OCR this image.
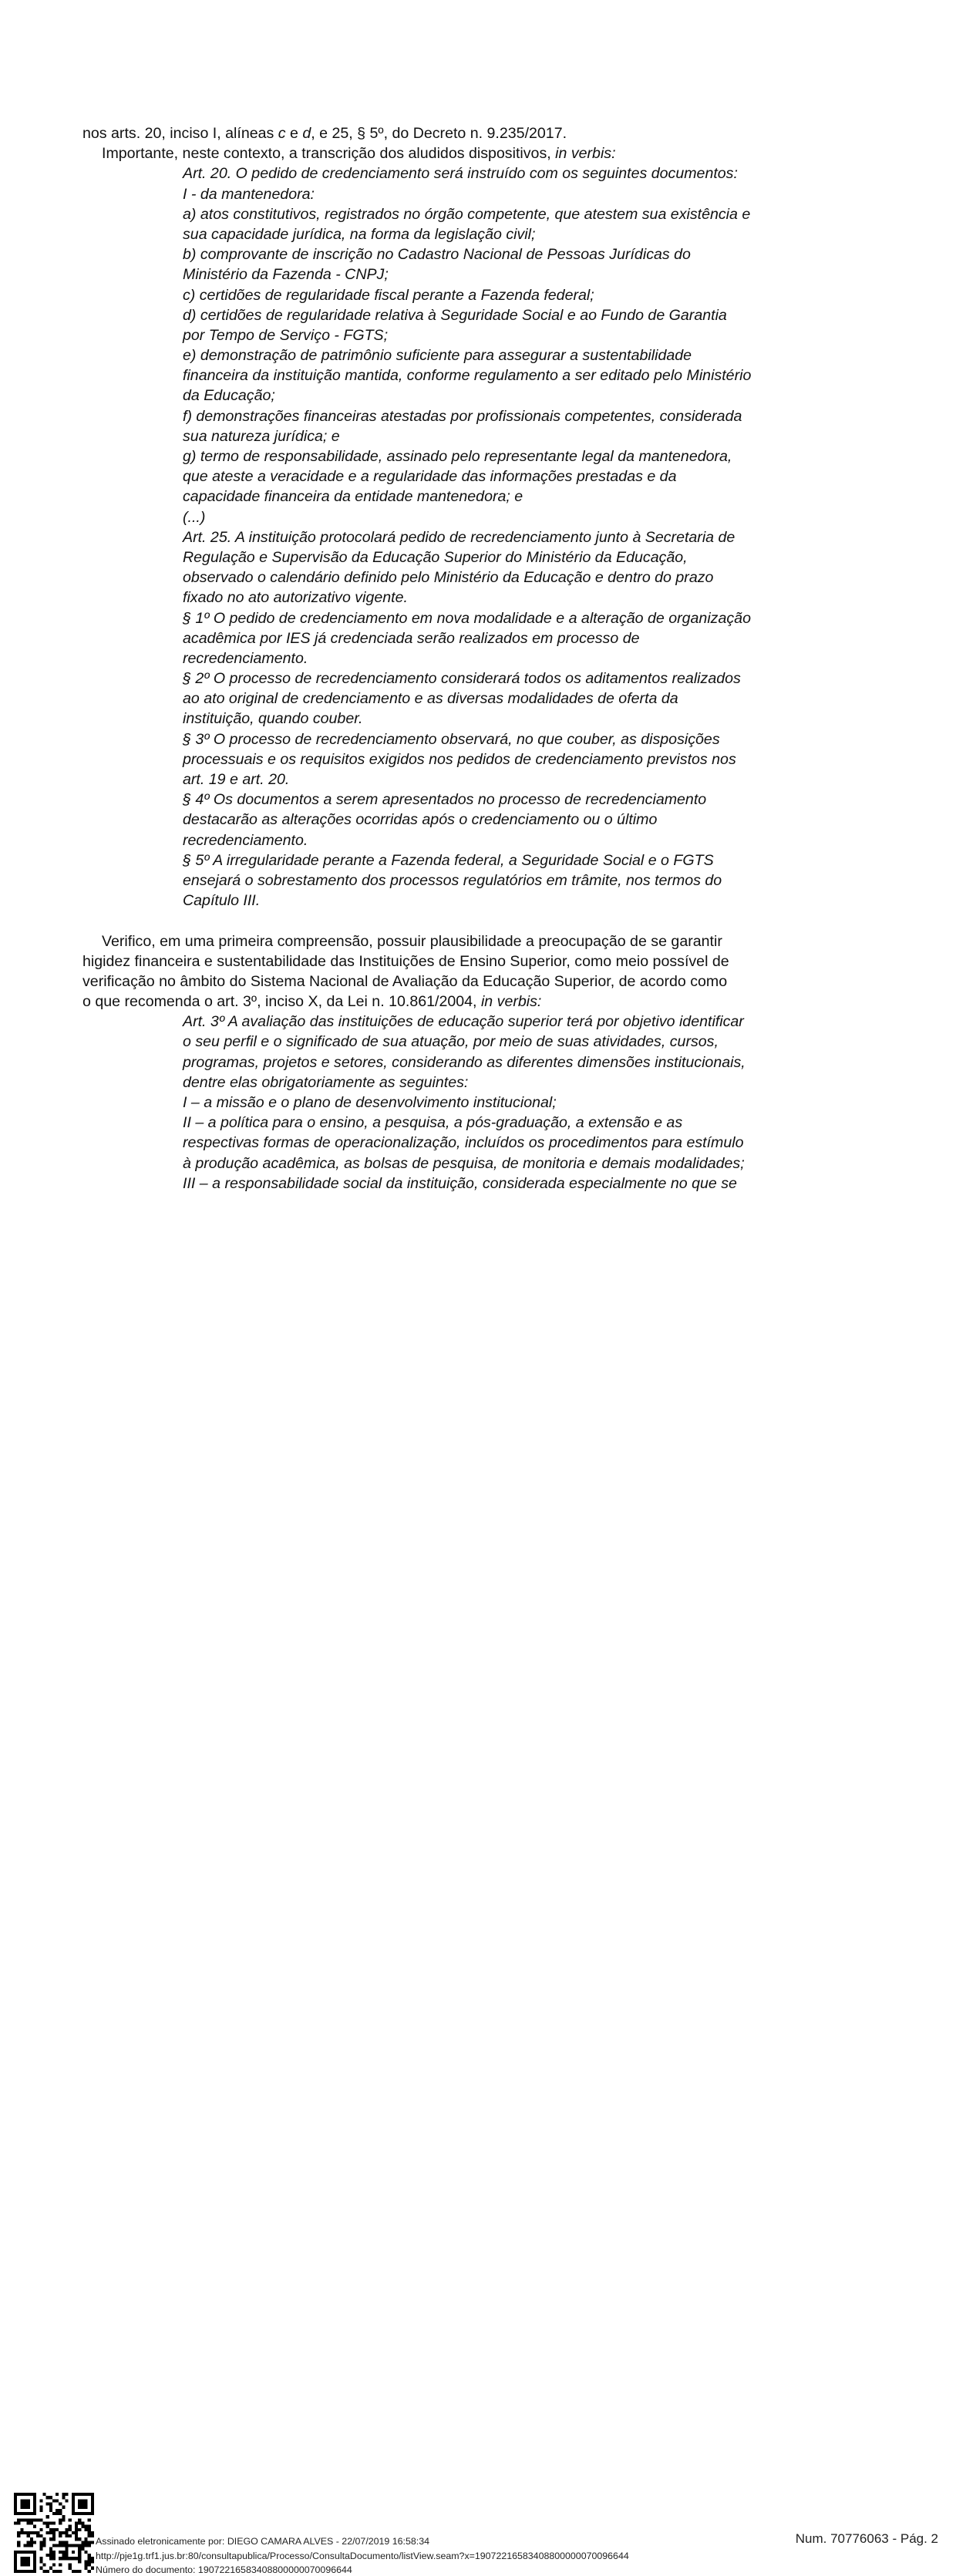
nos arts. 20, inciso I, alíneas c e d, e 25, § 5º, do Decreto n. 9.235/2017.
Importante, neste contexto, a transcrição dos aludidos dispositivos, in verbis:
Art. 20. O pedido de credenciamento será instruído com os seguintes documentos:
I - da mantenedora:
a) atos constitutivos, registrados no órgão competente, que atestem sua existência e
sua capacidade jurídica, na forma da legislação civil;
b) comprovante de inscrição no Cadastro Nacional de Pessoas Jurídicas do
Ministério da Fazenda - CNPJ;
c) certidões de regularidade fiscal perante a Fazenda federal;
d) certidões de regularidade relativa à Seguridade Social e ao Fundo de Garantia
por Tempo de Serviço - FGTS;
e) demonstração de patrimônio suficiente para assegurar a sustentabilidade
financeira da instituição mantida, conforme regulamento a ser editado pelo Ministério
da Educação;
f) demonstrações financeiras atestadas por profissionais competentes, considerada
sua natureza jurídica; e
g) termo de responsabilidade, assinado pelo representante legal da mantenedora,
que ateste a veracidade e a regularidade das informações prestadas e da
capacidade financeira da entidade mantenedora; e
(...)
Art. 25. A instituição protocolará pedido de recredenciamento junto à Secretaria de
Regulação e Supervisão da Educação Superior do Ministério da Educação,
observado o calendário definido pelo Ministério da Educação e dentro do prazo
fixado no ato autorizativo vigente.
§ 1º O pedido de credenciamento em nova modalidade e a alteração de organização
acadêmica por IES já credenciada serão realizados em processo de
recredenciamento.
§ 2º O processo de recredenciamento considerará todos os aditamentos realizados
ao ato original de credenciamento e as diversas modalidades de oferta da
instituição, quando couber.
§ 3º O processo de recredenciamento observará, no que couber, as disposições
processuais e os requisitos exigidos nos pedidos de credenciamento previstos nos
art. 19 e art. 20.
§ 4º Os documentos a serem apresentados no processo de recredenciamento
destacarão as alterações ocorridas após o credenciamento ou o último
recredenciamento.
§ 5º A irregularidade perante a Fazenda federal, a Seguridade Social e o FGTS
ensejará o sobrestamento dos processos regulatórios em trâmite, nos termos do
Capítulo III.
Verifico, em uma primeira compreensão, possuir plausibilidade a preocupação de se garantir
higidez financeira e sustentabilidade das Instituições de Ensino Superior, como meio possível de
verificação no âmbito do Sistema Nacional de Avaliação da Educação Superior, de acordo como
o que recomenda o art. 3º, inciso X, da Lei n. 10.861/2004, in verbis:
Art. 3º A avaliação das instituições de educação superior terá por objetivo identificar
o seu perfil e o significado de sua atuação, por meio de suas atividades, cursos,
programas, projetos e setores, considerando as diferentes dimensões institucionais,
dentre elas obrigatoriamente as seguintes:
I – a missão e o plano de desenvolvimento institucional;
II – a política para o ensino, a pesquisa, a pós-graduação, a extensão e as
respectivas formas de operacionalização, incluídos os procedimentos para estímulo
à produção acadêmica, as bolsas de pesquisa, de monitoria e demais modalidades;
III – a responsabilidade social da instituição, considerada especialmente no que se
Assinado eletronicamente por: DIEGO CAMARA ALVES - 22/07/2019 16:58:34
http://pje1g.trf1.jus.br:80/consultapublica/Processo/ConsultaDocumento/listView.seam?x=19072216583408800000070096644
Número do documento: 19072216583408800000070096644
Num. 70776063 - Pág. 2
